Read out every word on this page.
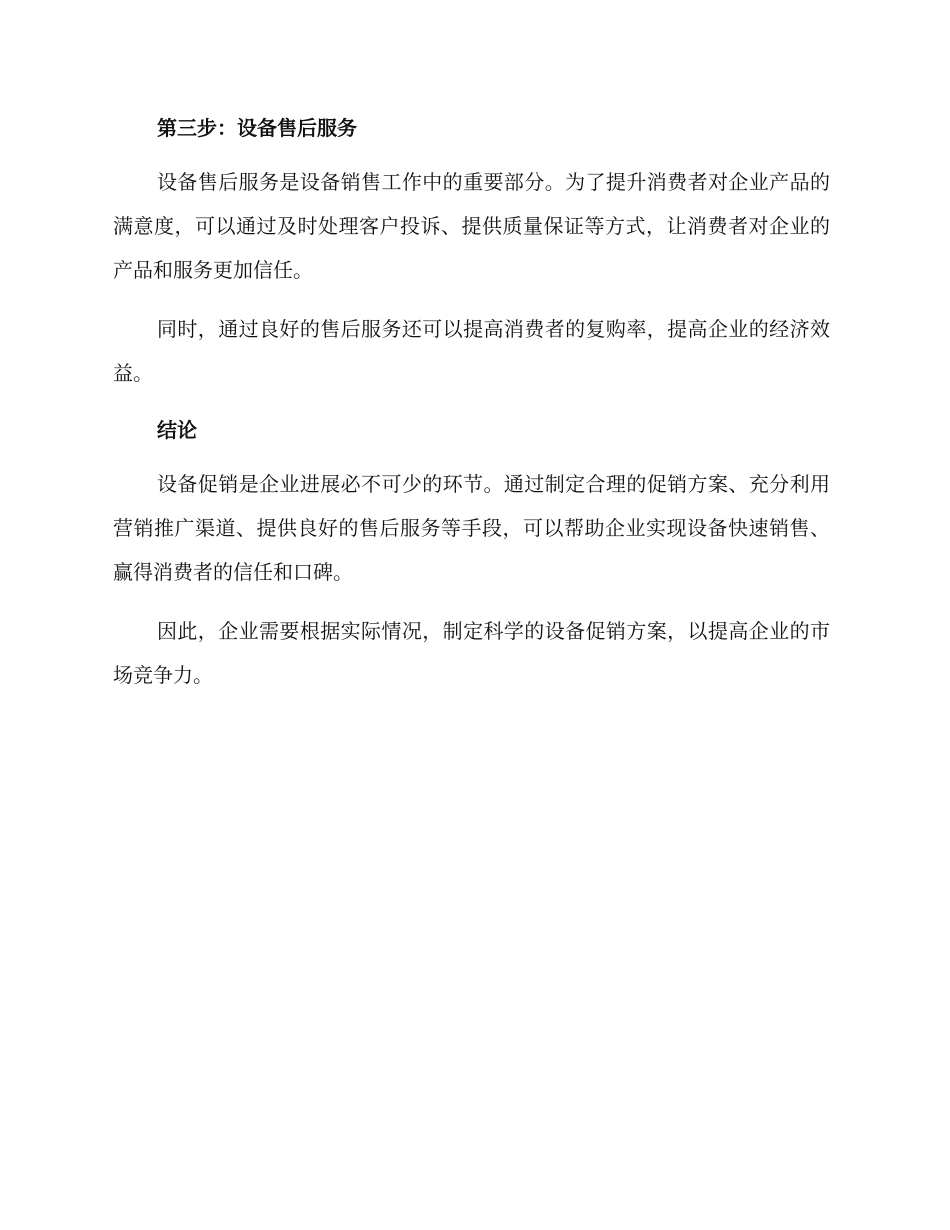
第三步：设备售后服务

设备售后服务是设备销售工作中的重要部分。为了提升消费者对企业产品的满意度，可以通过及时处理客户投诉、提供质量保证等方式，让消费者对企业的产品和服务更加信任。

同时，通过良好的售后服务还可以提高消费者的复购率，提高企业的经济效益。

结论

设备促销是企业进展必不可少的环节。通过制定合理的促销方案、充分利用营销推广渠道、提供良好的售后服务等手段，可以帮助企业实现设备快速销售、赢得消费者的信任和口碑。

因此，企业需要根据实际情况，制定科学的设备促销方案，以提高企业的市场竞争力。
